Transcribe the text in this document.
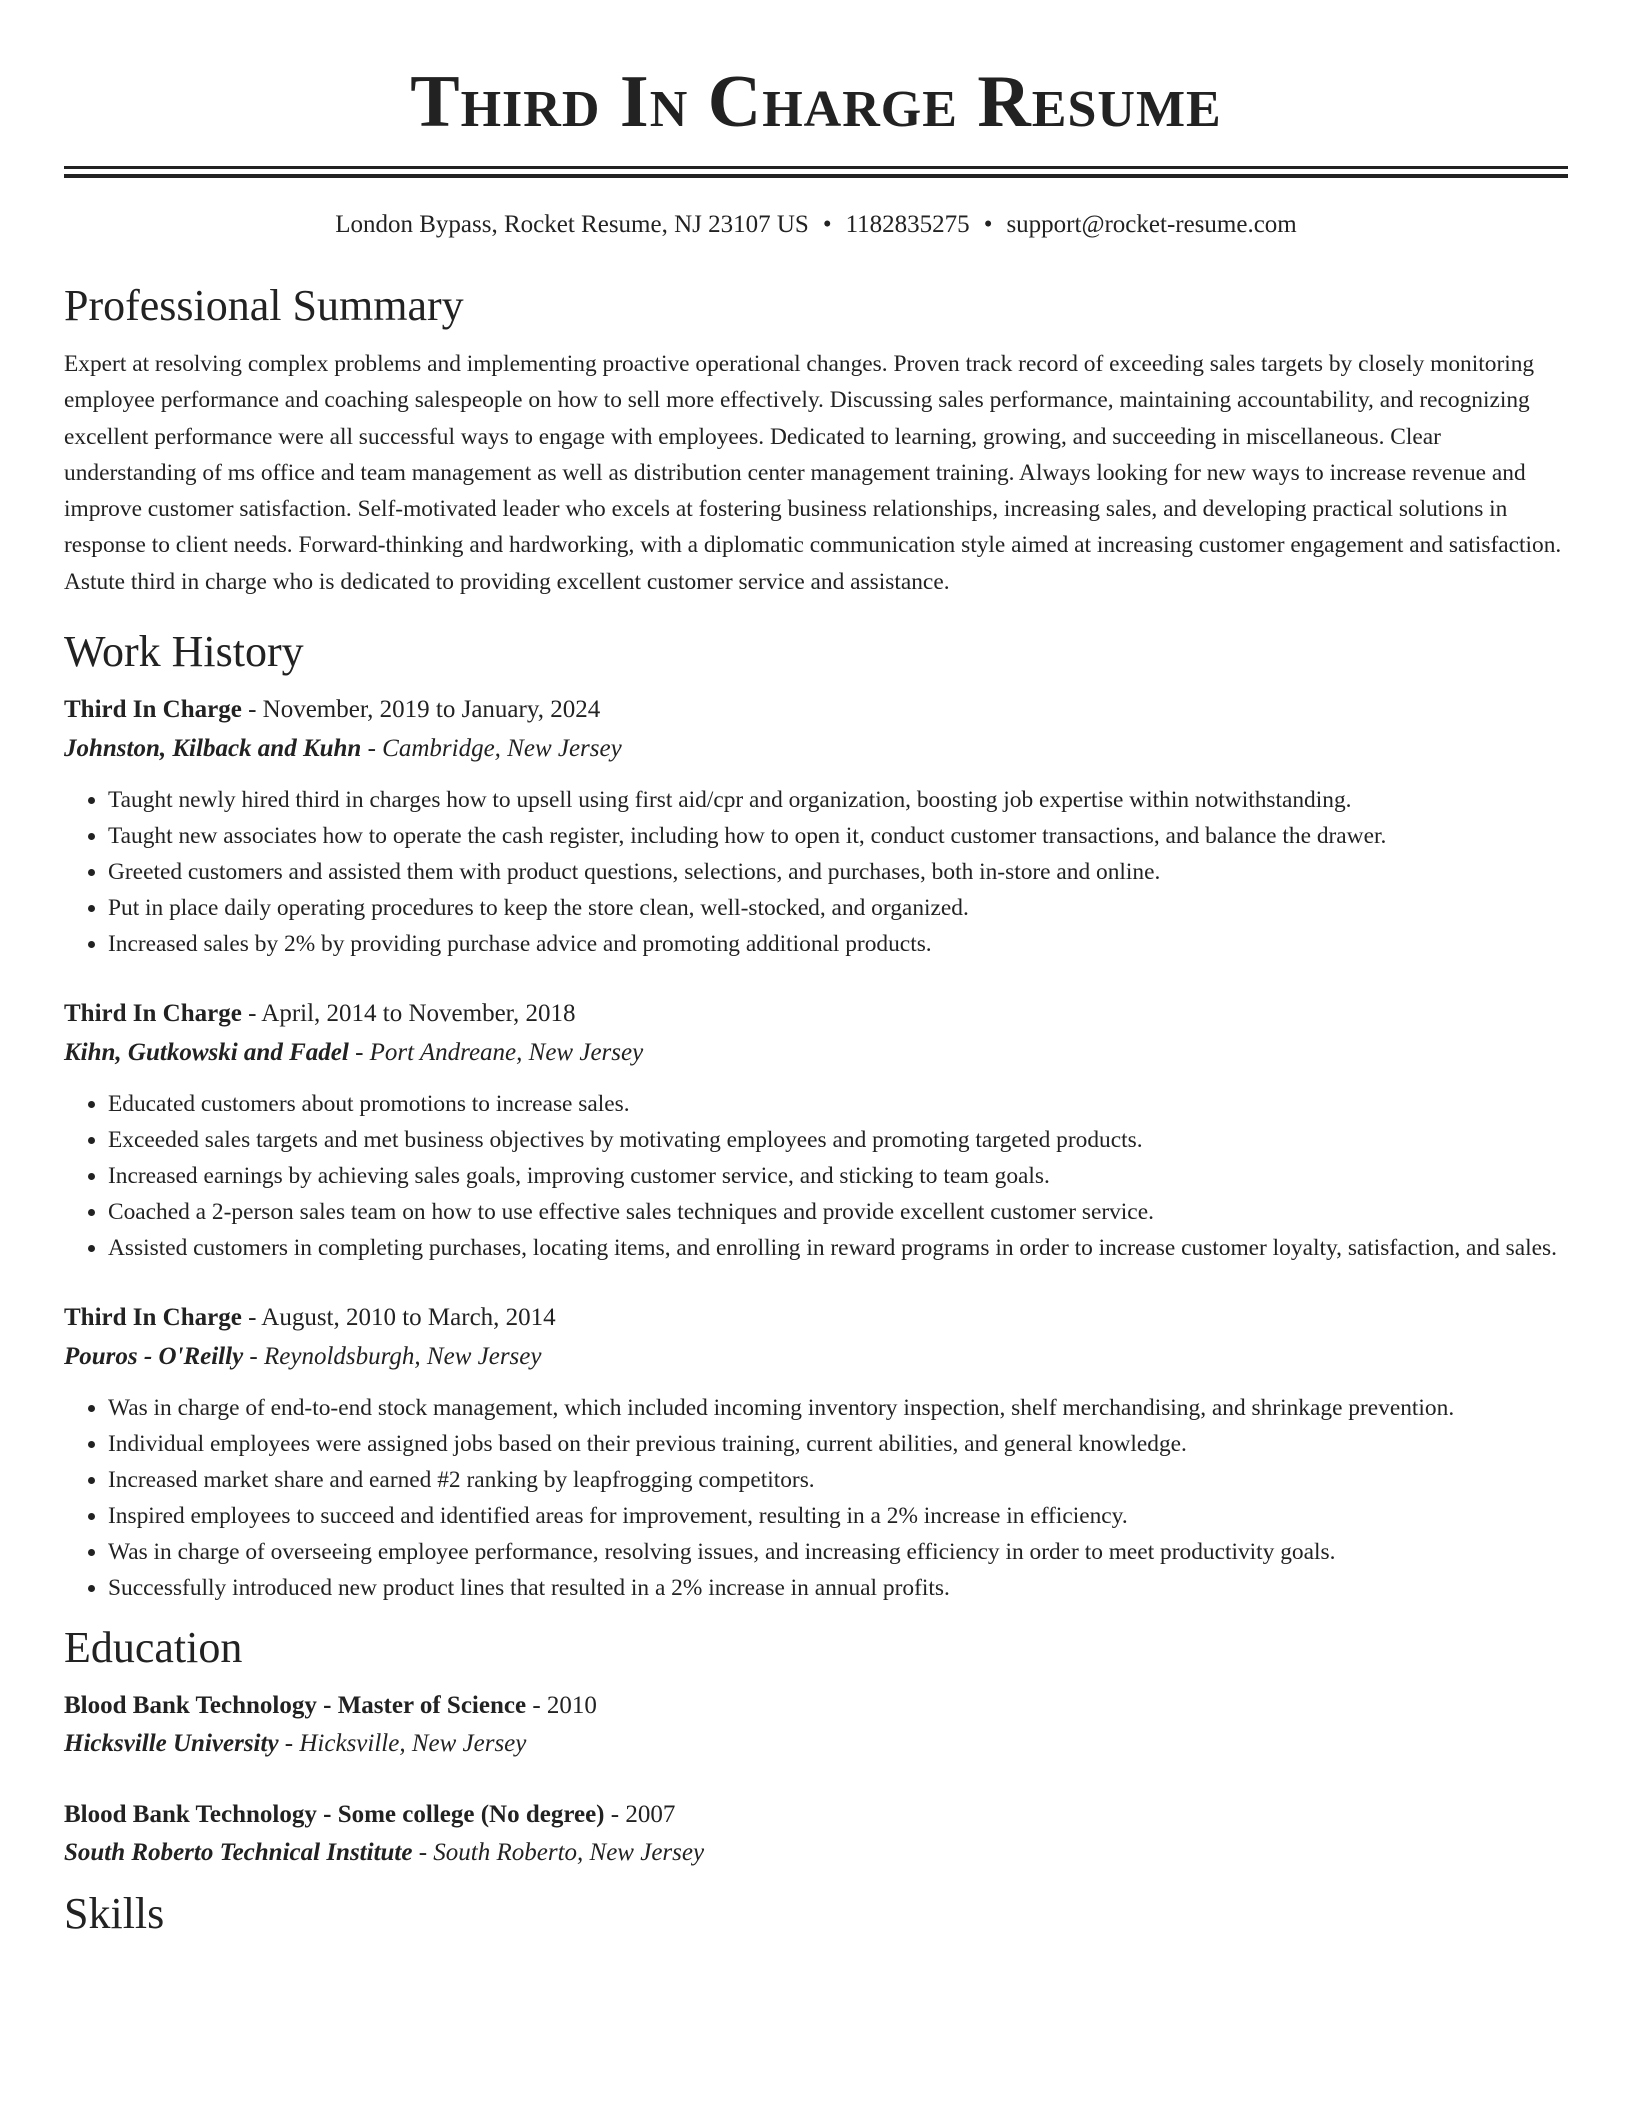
Third In Charge Resume
London Bypass, Rocket Resume, NJ 23107 US • 1182835275 • support@rocket-resume.com
Professional Summary

Expert at resolving complex problems and implementing proactive operational changes. Proven track record of exceeding sales targets by closely monitoring employee performance and coaching salespeople on how to sell more effectively. Discussing sales performance, maintaining accountability, and recognizing excellent performance were all successful ways to engage with employees. Dedicated to learning, growing, and succeeding in miscellaneous. Clear understanding of ms office and team management as well as distribution center management training. Always looking for new ways to increase revenue and improve customer satisfaction. Self-motivated leader who excels at fostering business relationships, increasing sales, and developing practical solutions in response to client needs. Forward-thinking and hardworking, with a diplomatic communication style aimed at increasing customer engagement and satisfaction. Astute third in charge who is dedicated to providing excellent customer service and assistance.

Work History
Third In Charge - November, 2019 to January, 2024
Johnston, Kilback and Kuhn - Cambridge, New Jersey
• Taught newly hired third in charges how to upsell using first aid/cpr and organization, boosting job expertise within notwithstanding.
• Taught new associates how to operate the cash register, including how to open it, conduct customer transactions, and balance the drawer.
• Greeted customers and assisted them with product questions, selections, and purchases, both in-store and online.
• Put in place daily operating procedures to keep the store clean, well-stocked, and organized.
• Increased sales by 2% by providing purchase advice and promoting additional products.
Third In Charge - April, 2014 to November, 2018
Kihn, Gutkowski and Fadel - Port Andreane, New Jersey
• Educated customers about promotions to increase sales.
• Exceeded sales targets and met business objectives by motivating employees and promoting targeted products.
• Increased earnings by achieving sales goals, improving customer service, and sticking to team goals.
• Coached a 2-person sales team on how to use effective sales techniques and provide excellent customer service.
• Assisted customers in completing purchases, locating items, and enrolling in reward programs in order to increase customer loyalty, satisfaction, and sales.
Third In Charge - August, 2010 to March, 2014
Pouros - O'Reilly - Reynoldsburgh, New Jersey
• Was in charge of end-to-end stock management, which included incoming inventory inspection, shelf merchandising, and shrinkage prevention.
• Individual employees were assigned jobs based on their previous training, current abilities, and general knowledge.
• Increased market share and earned #2 ranking by leapfrogging competitors.
• Inspired employees to succeed and identified areas for improvement, resulting in a 2% increase in efficiency.
• Was in charge of overseeing employee performance, resolving issues, and increasing efficiency in order to meet productivity goals.
• Successfully introduced new product lines that resulted in a 2% increase in annual profits.
Education
Blood Bank Technology - Master of Science - 2010
Hicksville University - Hicksville, New Jersey
Blood Bank Technology - Some college (No degree) - 2007
South Roberto Technical Institute - South Roberto, New Jersey
Skills
